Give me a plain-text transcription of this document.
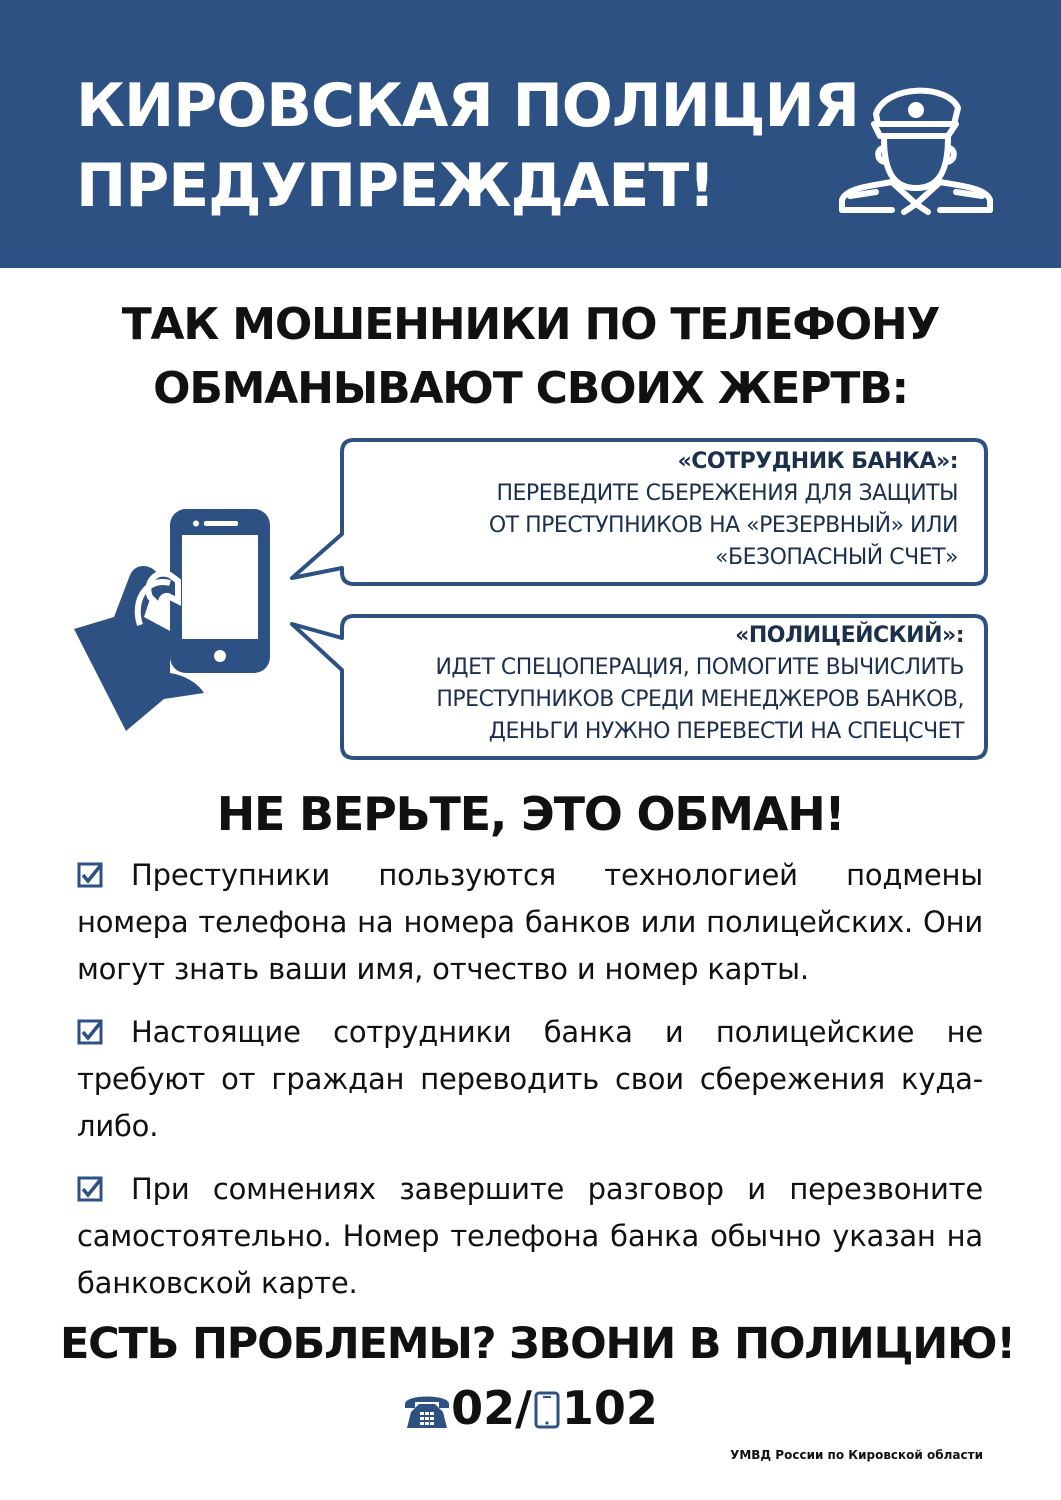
КИРОВСКАЯ ПОЛИЦИЯ
ПРЕДУПРЕЖДАЕТ!
ТАК МОШЕННИКИ ПО ТЕЛЕФОНУ
ОБМАНЫВАЮТ СВОИХ ЖЕРТВ:
«СОТРУДНИК БАНКА»:
ПЕРЕВЕДИТЕ СБЕРЕЖЕНИЯ ДЛЯ ЗАЩИТЫ
ОТ ПРЕСТУПНИКОВ НА «РЕЗЕРВНЫЙ» ИЛИ
«БЕЗОПАСНЫЙ СЧЕТ»
«ПОЛИЦЕЙСКИЙ»:
ИДЕТ СПЕЦОПЕРАЦИЯ, ПОМОГИТЕ ВЫЧИСЛИТЬ
ПРЕСТУПНИКОВ СРЕДИ МЕНЕДЖЕРОВ БАНКОВ,
ДЕНЬГИ НУЖНО ПЕРЕВЕСТИ НА СПЕЦСЧЕТ
НЕ ВЕРЬТЕ, ЭТО ОБМАН!

Преступники пользуются технологией подмены номера телефона на номера банков или полицейских. Они могут знать ваши имя, отчество и номер карты.

Настоящие сотрудники банка и полицейские не требуют от граждан переводить свои сбережения куда-либо.

При сомнениях завершите разговор и перезвоните самостоятельно. Номер телефона банка обычно указан на банковской карте.

ЕСТЬ ПРОБЛЕМЫ? ЗВОНИ В ПОЛИЦИЮ!
02/ 102
УМВД России по Кировской области
